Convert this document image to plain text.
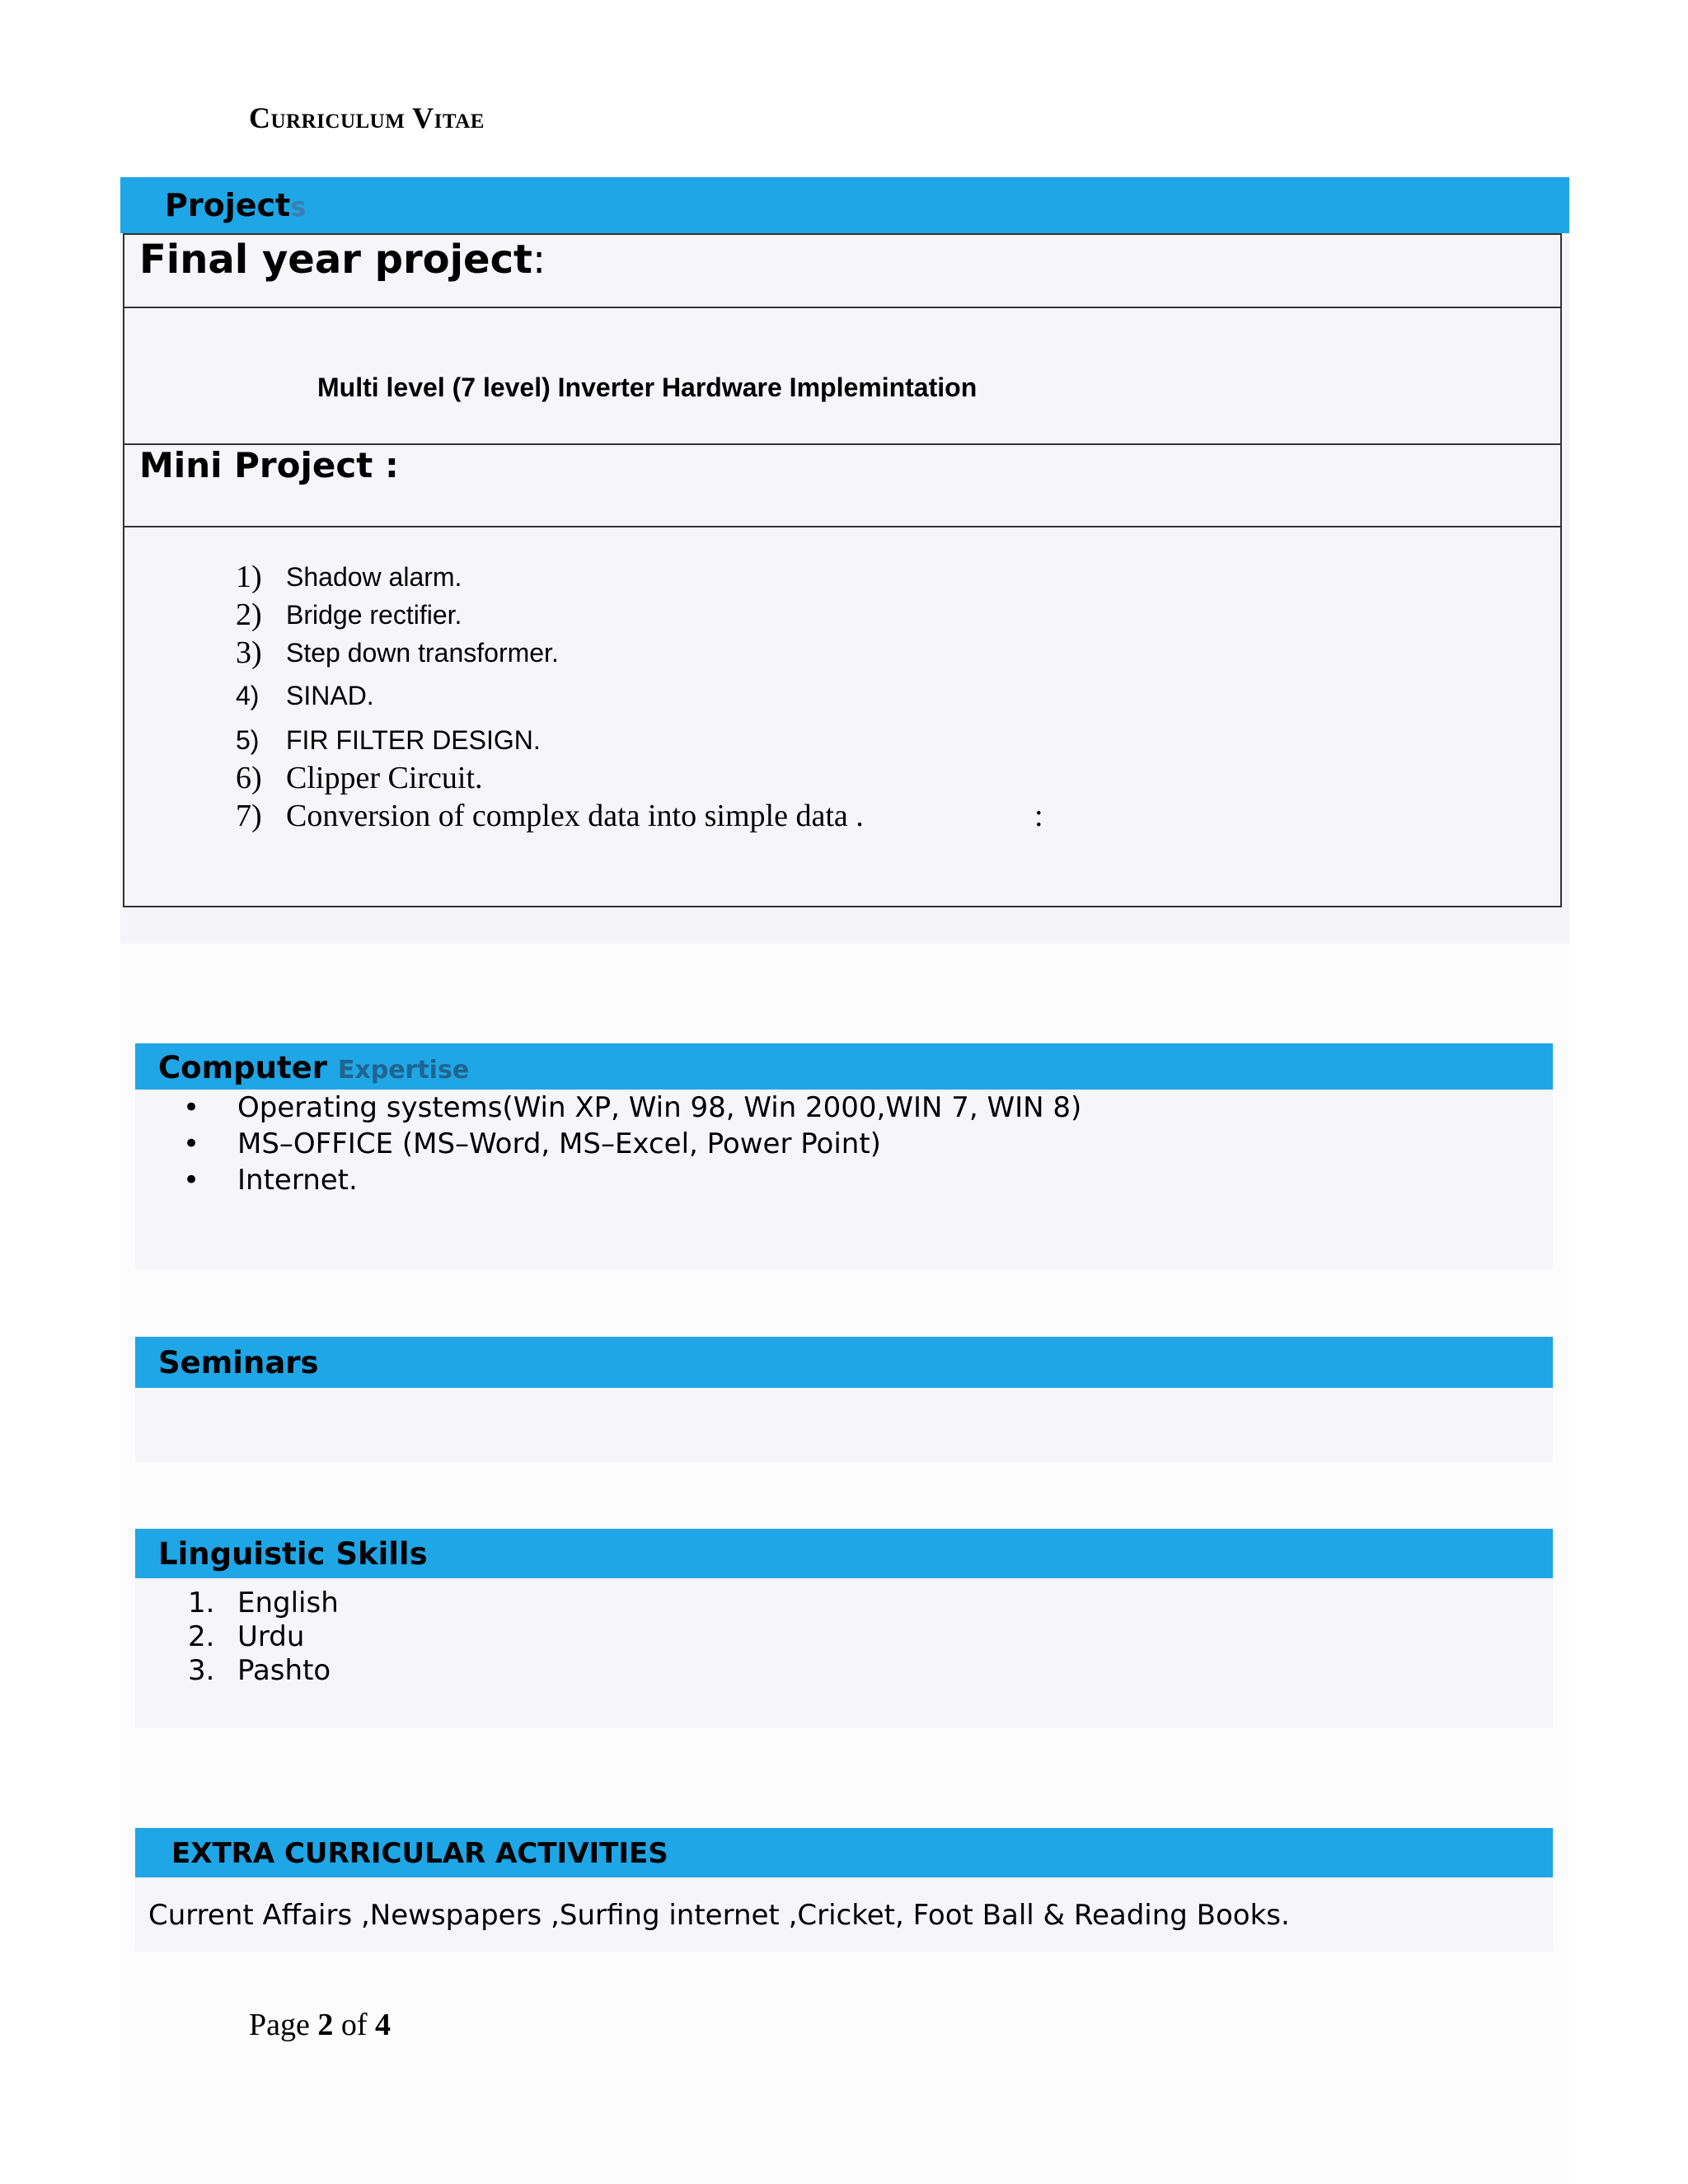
Curriculum Vitae
Projects
Final year project:
Multi level (7 level) Inverter Hardware Implemintation
Mini Project :
1) Shadow alarm.
2) Bridge rectifier.
3) Step down transformer.
4) SINAD.
5) FIR FILTER DESIGN.
6) Clipper Circuit.
7) Conversion of complex data into simple data .	:
Computer Expertise
• Operating systems(Win XP, Win 98, Win 2000,WIN 7, WIN 8)
• MS–OFFICE (MS–Word, MS–Excel, Power Point)
• Internet.
Seminars
Linguistic Skills
1. English
2. Urdu
3. Pashto
EXTRA CURRICULAR ACTIVITIES
Current Affairs ,Newspapers ,Surfing internet ,Cricket, Foot Ball & Reading Books.
Page 2 of 4
